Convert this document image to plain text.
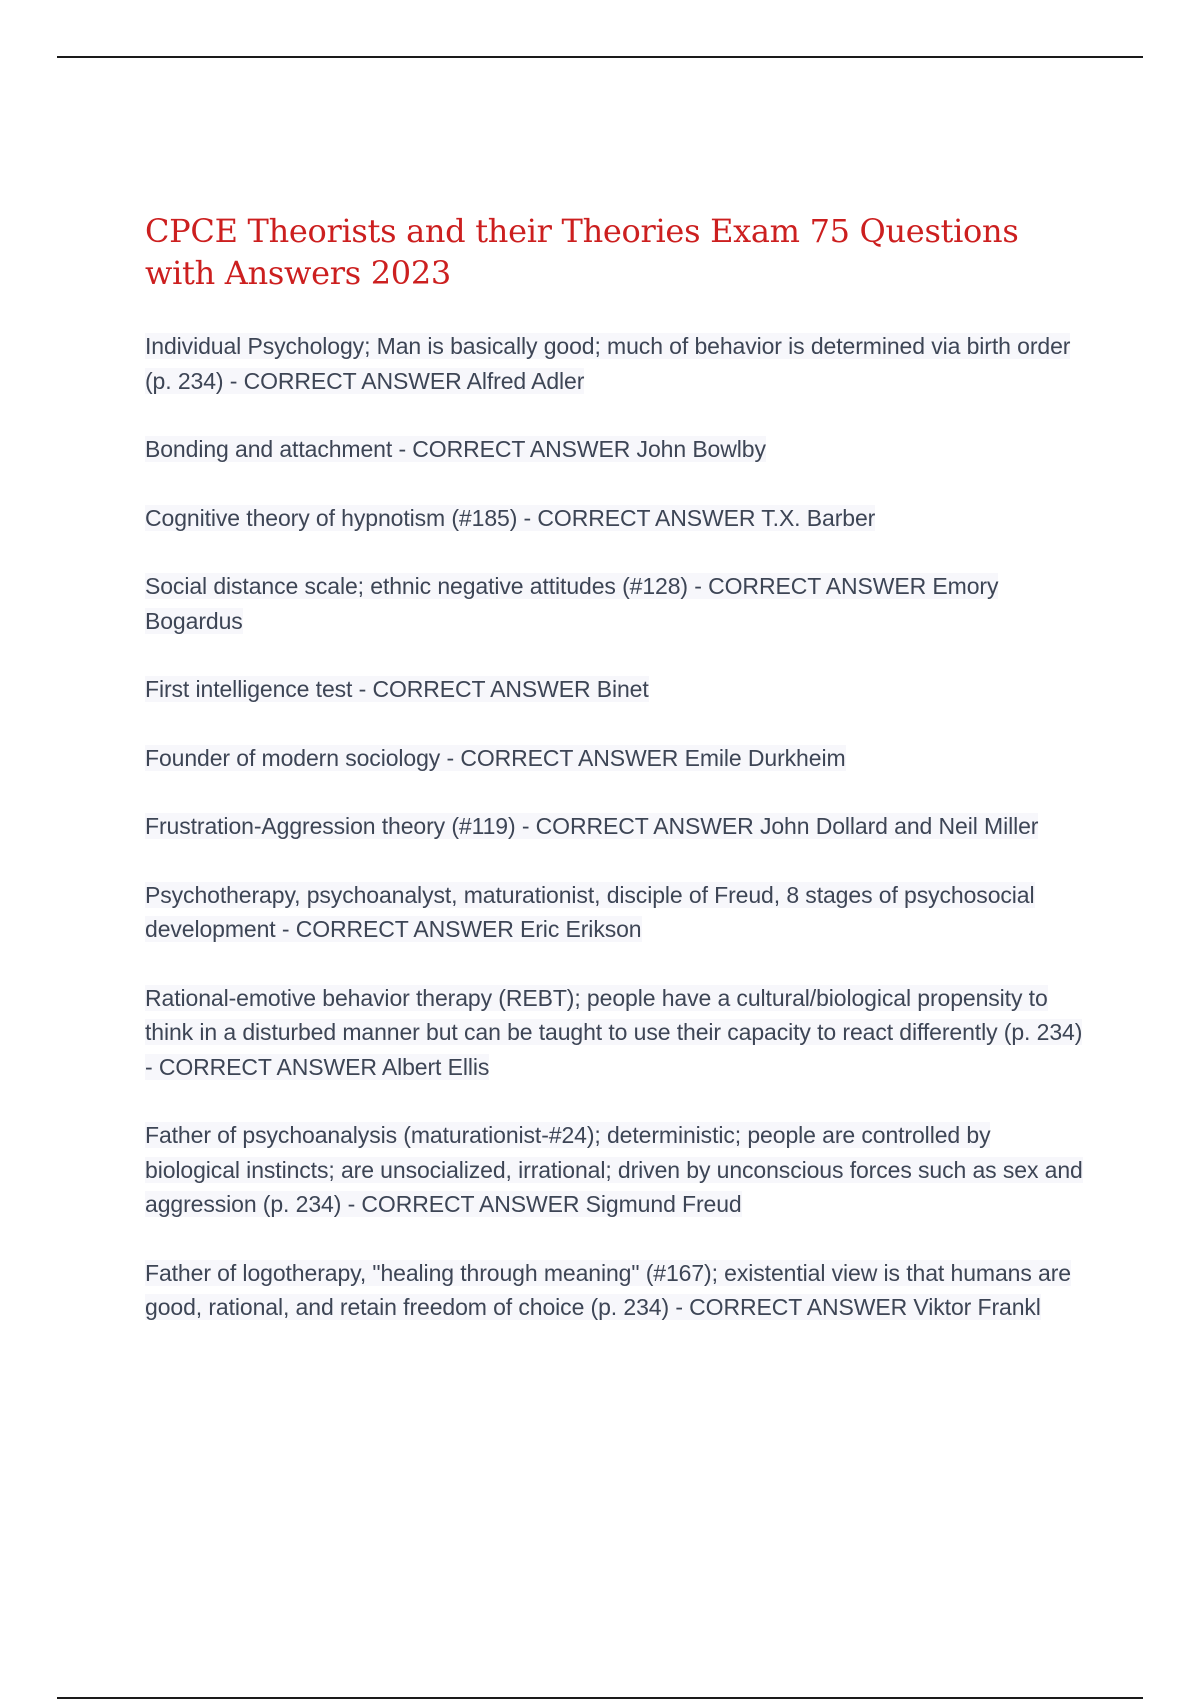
CPCE Theorists and their Theories Exam 75 Questions with Answers 2023
Individual Psychology; Man is basically good; much of behavior is determined via birth order (p. 234) - CORRECT ANSWER Alfred Adler
Bonding and attachment - CORRECT ANSWER John Bowlby
Cognitive theory of hypnotism (#185) - CORRECT ANSWER T.X. Barber
Social distance scale; ethnic negative attitudes (#128) - CORRECT ANSWER Emory Bogardus
First intelligence test - CORRECT ANSWER Binet
Founder of modern sociology - CORRECT ANSWER Emile Durkheim
Frustration-Aggression theory (#119) - CORRECT ANSWER John Dollard and Neil Miller
Psychotherapy, psychoanalyst, maturationist, disciple of Freud, 8 stages of psychosocial development - CORRECT ANSWER Eric Erikson
Rational-emotive behavior therapy (REBT); people have a cultural/biological propensity to think in a disturbed manner but can be taught to use their capacity to react differently (p. 234) - CORRECT ANSWER Albert Ellis
Father of psychoanalysis (maturationist-#24); deterministic; people are controlled by biological instincts; are unsocialized, irrational; driven by unconscious forces such as sex and aggression (p. 234) - CORRECT ANSWER Sigmund Freud
Father of logotherapy, "healing through meaning" (#167); existential view is that humans are good, rational, and retain freedom of choice (p. 234) - CORRECT ANSWER Viktor Frankl
